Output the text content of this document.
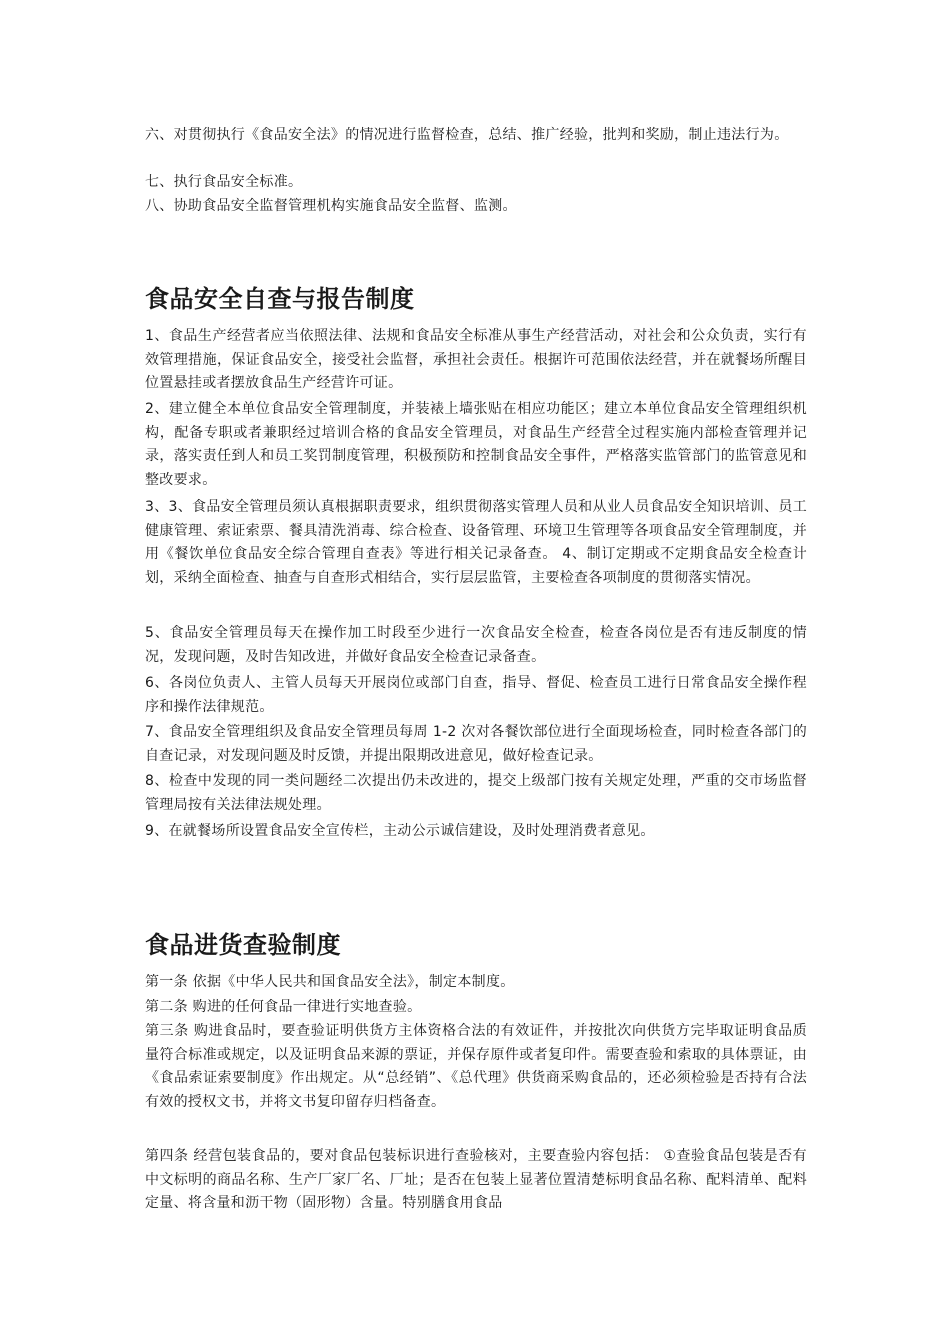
六、对贯彻执行《食品安全法》的情况进行监督检查，总结、推广经验，批判和奖励，制止违法行为。

七、执行食品安全标准。

八、协助食品安全监督管理机构实施食品安全监督、监测。

食品安全自查与报告制度

1、食品生产经营者应当依照法律、法规和食品安全标准从事生产经营活动，对社会和公众负责，实行有效管理措施，保证食品安全，接受社会监督，承担社会责任。根据许可范围依法经营，并在就餐场所醒目位置悬挂或者摆放食品生产经营许可证。

2、建立健全本单位食品安全管理制度，并装裱上墙张贴在相应功能区；建立本单位食品安全管理组织机构，配备专职或者兼职经过培训合格的食品安全管理员，对食品生产经营全过程实施内部检查管理并记录，落实责任到人和员工奖罚制度管理，积极预防和控制食品安全事件，严格落实监管部门的监管意见和整改要求。

3、3、食品安全管理员须认真根据职责要求，组织贯彻落实管理人员和从业人员食品安全知识培训、员工健康管理、索证索票、餐具清洗消毒、综合检查、设备管理、环境卫生管理等各项食品安全管理制度，并用《餐饮单位食品安全综合管理自查表》等进行相关记录备查。 4、制订定期或不定期食品安全检查计划，采纳全面检查、抽查与自查形式相结合，实行层层监管，主要检查各项制度的贯彻落实情况。

5、食品安全管理员每天在操作加工时段至少进行一次食品安全检查，检查各岗位是否有违反制度的情况，发现问题，及时告知改进，并做好食品安全检查记录备查。

6、各岗位负责人、主管人员每天开展岗位或部门自查，指导、督促、检查员工进行日常食品安全操作程序和操作法律规范。

7、食品安全管理组织及食品安全管理员每周 1-2 次对各餐饮部位进行全面现场检查，同时检查各部门的自查记录，对发现问题及时反馈，并提出限期改进意见，做好检查记录。

8、检查中发现的同一类问题经二次提出仍未改进的，提交上级部门按有关规定处理，严重的交市场监督管理局按有关法律法规处理。

9、在就餐场所设置食品安全宣传栏，主动公示诚信建设，及时处理消费者意见。

食品进货查验制度

第一条 依据《中华人民共和国食品安全法》，制定本制度。

第二条 购进的任何食品一律进行实地查验。

第三条 购进食品时，要查验证明供货方主体资格合法的有效证件，并按批次向供货方完毕取证明食品质量符合标准或规定，以及证明食品来源的票证，并保存原件或者复印件。需要查验和索取的具体票证，由《食品索证索要制度》作出规定。从“总经销”、《总代理》供货商采购食品的，还必须检验是否持有合法有效的授权文书，并将文书复印留存归档备查。

第四条 经营包装食品的，要对食品包装标识进行查验核对，主要查验内容包括： ①查验食品包装是否有中文标明的商品名称、生产厂家厂名、厂址；是否在包装上显著位置清楚标明食品名称、配料清单、配料定量、将含量和沥干物（固形物）含量。特别膳食用食品
